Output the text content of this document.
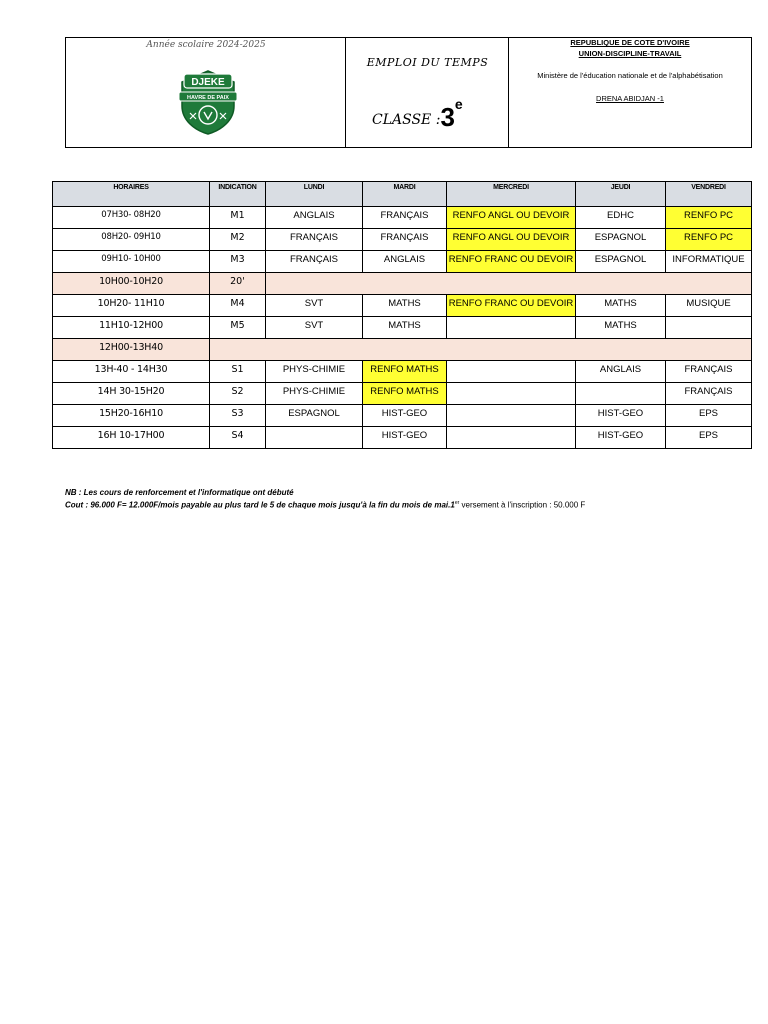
Année scolaire 2024-2025
DJEKE
HAVRE DE PAIX
EMPLOI DU TEMPS
CLASSE :3e
REPUBLIQUE DE COTE D'IVOIRE
UNION-DISCIPLINE-TRAVAIL
Ministère de l'éducation nationale et de l'alphabétisation
DRENA ABIDJAN -1
HORAIRES	INDICATION	LUNDI	MARDI	MERCREDI	JEUDI	VENDREDI
07H30- 08H20	M1	ANGLAIS	FRANÇAIS	RENFO ANGL OU DEVOIR	EDHC	RENFO PC
08H20- 09H10	M2	FRANÇAIS	FRANÇAIS	RENFO ANGL OU DEVOIR	ESPAGNOL	RENFO PC
09H10- 10H00	M3	FRANÇAIS	ANGLAIS	RENFO FRANC OU DEVOIR	ESPAGNOL	INFORMATIQUE
10H00-10H20	20'					
10H20- 11H10	M4	SVT	MATHS	RENFO FRANC OU DEVOIR	MATHS	MUSIQUE
11H10-12H00	M5	SVT	MATHS		MATHS	
12H00-13H40						
13H-40 - 14H30	S1	PHYS-CHIMIE	RENFO MATHS		ANGLAIS	FRANÇAIS
14H 30-15H20	S2	PHYS-CHIMIE	RENFO MATHS			FRANÇAIS
15H20-16H10	S3	ESPAGNOL	HIST-GEO		HIST-GEO	EPS
16H 10-17H00	S4		HIST-GEO		HIST-GEO	EPS
NB : Les cours de renforcement et l'informatique ont débuté
Cout : 96.000 F= 12.000F/mois payable au plus tard le 5 de chaque mois jusqu'à la fin du mois de mai.1er versement à l'inscription : 50.000 F
